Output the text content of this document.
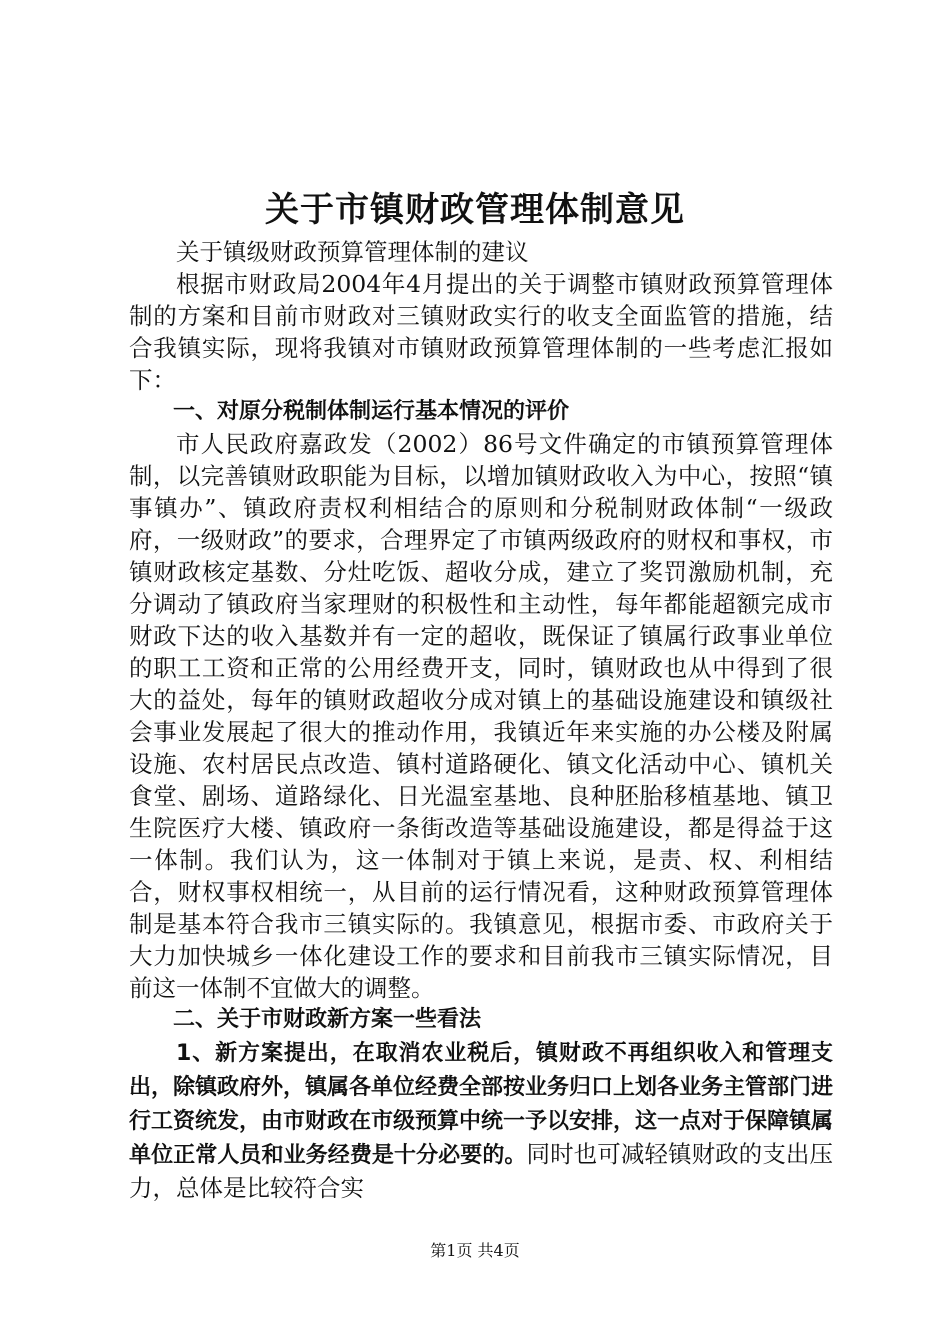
关于市镇财政管理体制意见

关于镇级财政预算管理体制的建议

根据市财政局2004年4月提出的关于调整市镇财政预算管理体制的方案和目前市财政对三镇财政实行的收支全面监管的措施，结合我镇实际，现将我镇对市镇财政预算管理体制的一些考虑汇报如下：

一、对原分税制体制运行基本情况的评价

市人民政府嘉政发（2002）86号文件确定的市镇预算管理体制，以完善镇财政职能为目标，以增加镇财政收入为中心，按照“镇事镇办”、镇政府责权利相结合的原则和分税制财政体制“一级政府，一级财政”的要求，合理界定了市镇两级政府的财权和事权，市镇财政核定基数、分灶吃饭、超收分成，建立了奖罚激励机制，充分调动了镇政府当家理财的积极性和主动性，每年都能超额完成市财政下达的收入基数并有一定的超收，既保证了镇属行政事业单位的职工工资和正常的公用经费开支，同时，镇财政也从中得到了很大的益处，每年的镇财政超收分成对镇上的基础设施建设和镇级社会事业发展起了很大的推动作用，我镇近年来实施的办公楼及附属设施、农村居民点改造、镇村道路硬化、镇文化活动中心、镇机关食堂、剧场、道路绿化、日光温室基地、良种胚胎移植基地、镇卫生院医疗大楼、镇政府一条街改造等基础设施建设，都是得益于这一体制。我们认为，这一体制对于镇上来说，是责、权、利相结合，财权事权相统一，从目前的运行情况看，这种财政预算管理体制是基本符合我市三镇实际的。我镇意见，根据市委、市政府关于大力加快城乡一体化建设工作的要求和目前我市三镇实际情况，目前这一体制不宜做大的调整。

二、关于市财政新方案一些看法

1、新方案提出，在取消农业税后，镇财政不再组织收入和管理支出，除镇政府外，镇属各单位经费全部按业务归口上划各业务主管部门进行工资统发，由市财政在市级预算中统一予以安排，这一点对于保障镇属单位正常人员和业务经费是十分必要的。同时也可减轻镇财政的支出压力，总体是比较符合实

第1页 共4页
